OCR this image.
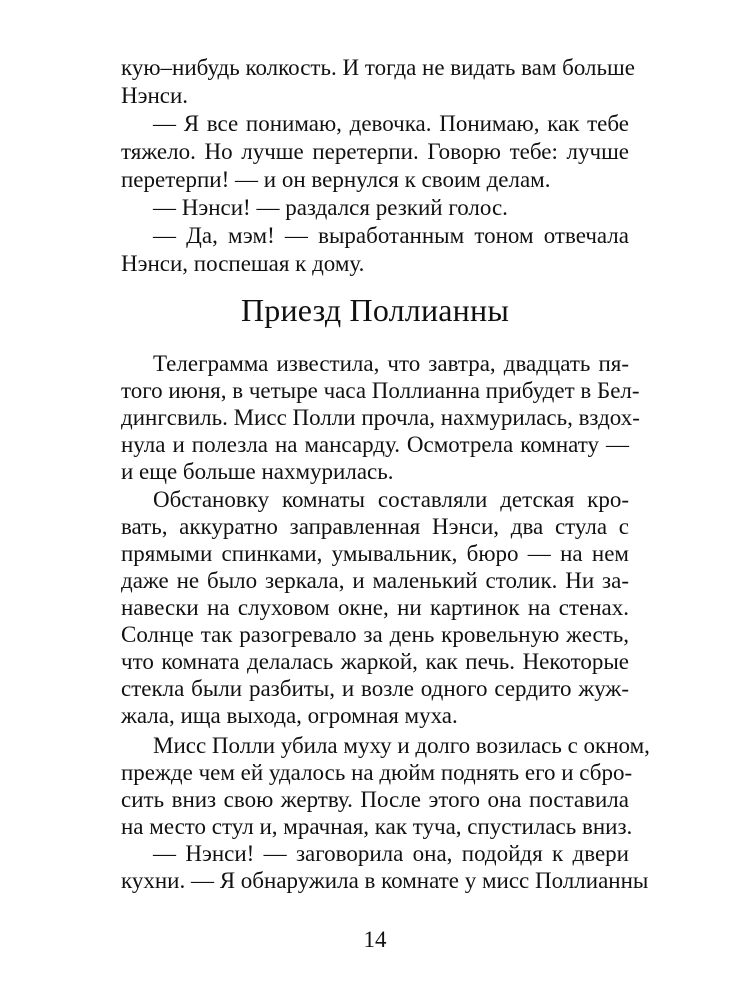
кую–нибудь колкость. И тогда не видать вам больше
Нэнси.
— Я все понимаю, девочка. Понимаю, как тебе
тяжело. Но лучше перетерпи. Говорю тебе: лучше
перетерпи! — и он вернулся к своим делам.
— Нэнси! — раздался резкий голос.
— Да, мэм! — выработанным тоном отвечала
Нэнси, поспешая к дому.
Приезд Поллианны
Телеграмма известила, что завтра, двадцать пя-
того июня, в четыре часа Поллианна прибудет в Бел-
дингсвиль. Мисс Полли прочла, нахмурилась, вздох-
нула и полезла на мансарду. Осмотрела комнату —
и еще больше нахмурилась.
Обстановку комнаты составляли детская кро-
вать, аккуратно заправленная Нэнси, два стула с
прямыми спинками, умывальник, бюро — на нем
даже не было зеркала, и маленький столик. Ни за-
навески на слуховом окне, ни картинок на стенах.
Солнце так разогревало за день кровельную жесть,
что комната делалась жаркой, как печь. Некоторые
стекла были разбиты, и возле одного сердито жуж-
жала, ища выхода, огромная муха.
Мисс Полли убила муху и долго возилась с окном,
прежде чем ей удалось на дюйм поднять его и сбро-
сить вниз свою жертву. После этого она поставила
на место стул и, мрачная, как туча, спустилась вниз.
— Нэнси! — заговорила она, подойдя к двери
кухни. — Я обнаружила в комнате у мисс Поллианны
14
